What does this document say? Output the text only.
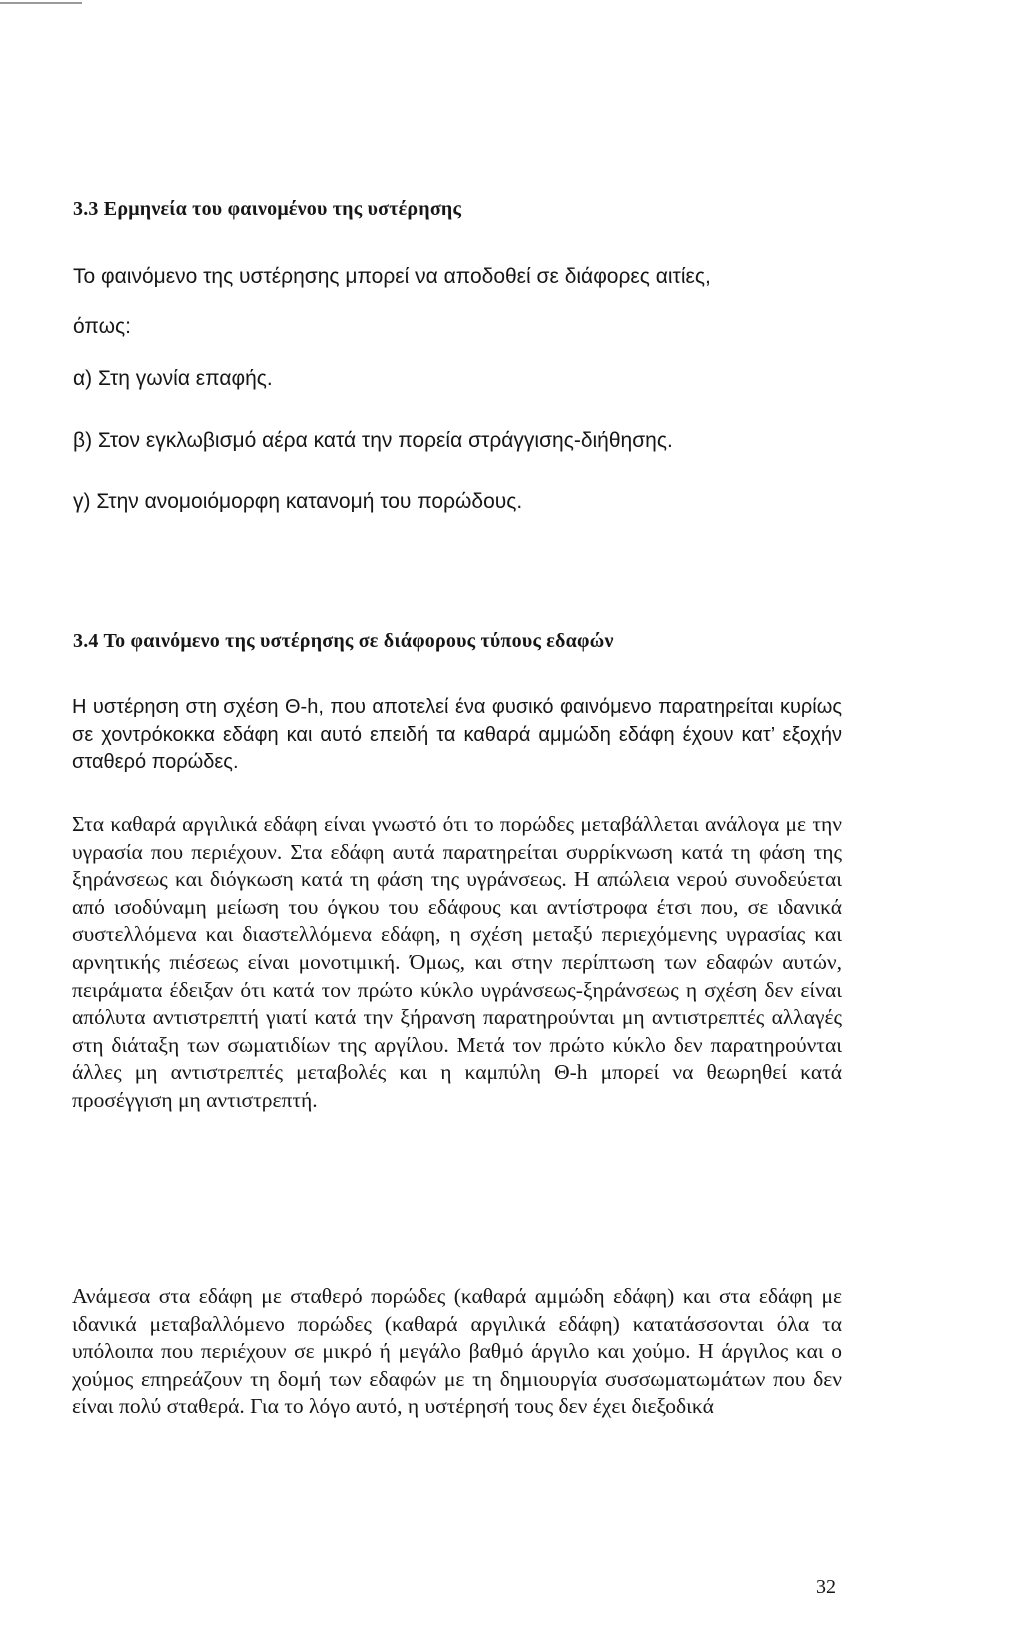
3.3 Ερμηνεία του φαινομένου της υστέρησης
Το φαινόμενο της υστέρησης μπορεί να αποδοθεί σε διάφορες αιτίες,
όπως:
α) Στη γωνία επαφής.
β) Στον εγκλωβισμό αέρα κατά την πορεία στράγγισης-διήθησης.
γ) Στην ανομοιόμορφη κατανομή του πορώδους.
3.4 Το φαινόμενο της υστέρησης σε διάφορους τύπους εδαφών

Η υστέρηση στη σχέση Θ-h, που αποτελεί ένα φυσικό φαινόμενο παρατηρείται κυρίως σε χοντρόκοκκα εδάφη και αυτό επειδή τα καθαρά αμμώδη εδάφη έχουν κατ’ εξοχήν σταθερό πορώδες.

Στα καθαρά αργιλικά εδάφη είναι γνωστό ότι το πορώδες μεταβάλλεται ανάλογα με την υγρασία που περιέχουν. Στα εδάφη αυτά παρατηρείται συρρίκνωση κατά τη φάση της ξηράνσεως και διόγκωση κατά τη φάση της υγράνσεως. Η απώλεια νερού συνοδεύεται από ισοδύναμη μείωση του όγκου του εδάφους και αντίστροφα έτσι που, σε ιδανικά συστελλόμενα και διαστελλόμενα εδάφη, η σχέση μεταξύ περιεχόμενης υγρασίας και αρνητικής πιέσεως είναι μονοτιμική. Όμως, και στην περίπτωση των εδαφών αυτών, πειράματα έδειξαν ότι κατά τον πρώτο κύκλο υγράνσεως-ξηράνσεως η σχέση δεν είναι απόλυτα αντιστρεπτή γιατί κατά την ξήρανση παρατηρούνται μη αντιστρεπτές αλλαγές στη διάταξη των σωματιδίων της αργίλου. Μετά τον πρώτο κύκλο δεν παρατηρούνται άλλες μη αντιστρεπτές μεταβολές και η καμπύλη Θ-h μπορεί να θεωρηθεί κατά προσέγγιση μη αντιστρεπτή.

Ανάμεσα στα εδάφη με σταθερό πορώδες (καθαρά αμμώδη εδάφη) και στα εδάφη με ιδανικά μεταβαλλόμενο πορώδες (καθαρά αργιλικά εδάφη) κατατάσσονται όλα τα υπόλοιπα που περιέχουν σε μικρό ή μεγάλο βαθμό άργιλο και χούμο. Η άργιλος και ο χούμος επηρεάζουν τη δομή των εδαφών με τη δημιουργία συσσωματωμάτων που δεν είναι πολύ σταθερά. Για το λόγο αυτό, η υστέρησή τους δεν έχει διεξοδικά

32
